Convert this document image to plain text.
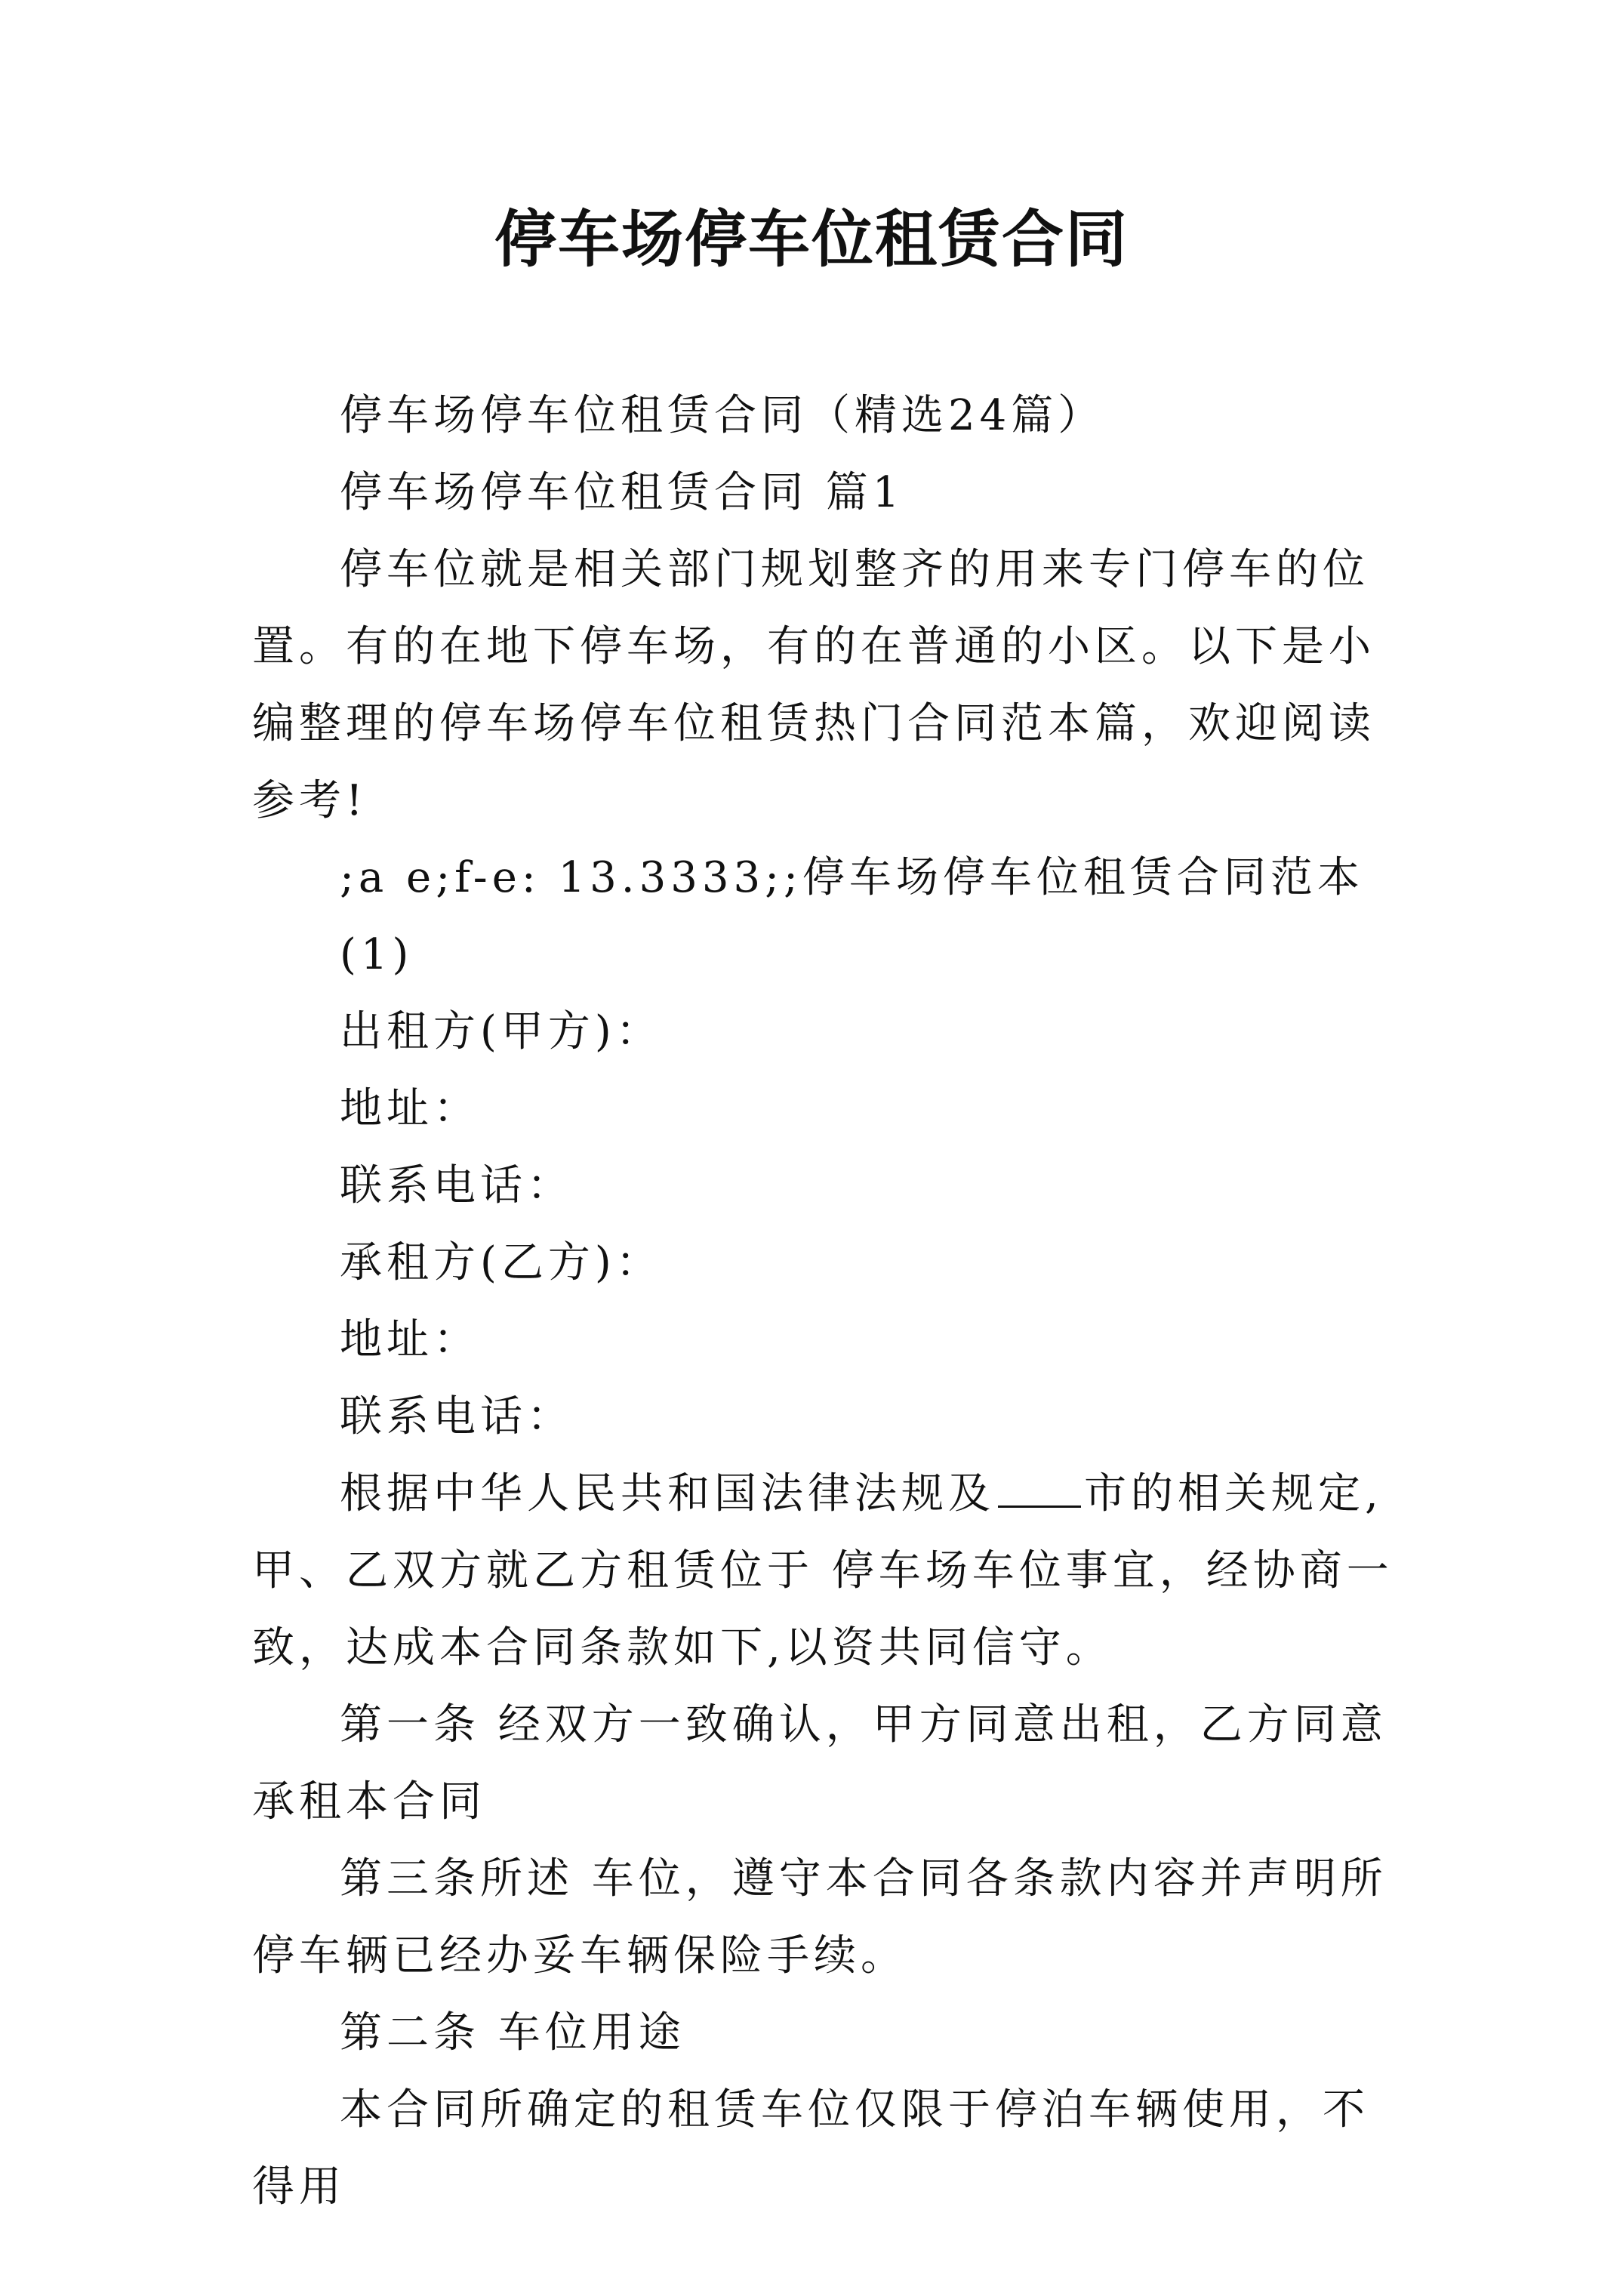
停车场停车位租赁合同

停车场停车位租赁合同（精选24篇）

停车场停车位租赁合同 篇1

停车位就是相关部门规划整齐的用来专门停车的位置。有的在地下停车场，有的在普通的小区。以下是小编整理的停车场停车位租赁热门合同范本篇，欢迎阅读参考!

;a e;f-e: 13.3333;;停车场停车位租赁合同范本

(1)

出租方(甲方)：

地址：

联系电话：

承租方(乙方)：

地址：

联系电话：

根据中华人民共和国法律法规及 市的相关规定,甲、乙双方就乙方租赁位于 停车场车位事宜，经协商一致，达成本合同条款如下,以资共同信守。

第一条 经双方一致确认，甲方同意出租，乙方同意承租本合同

第三条所述 车位，遵守本合同各条款内容并声明所停车辆已经办妥车辆保险手续。

第二条 车位用途

本合同所确定的租赁车位仅限于停泊车辆使用，不得用
